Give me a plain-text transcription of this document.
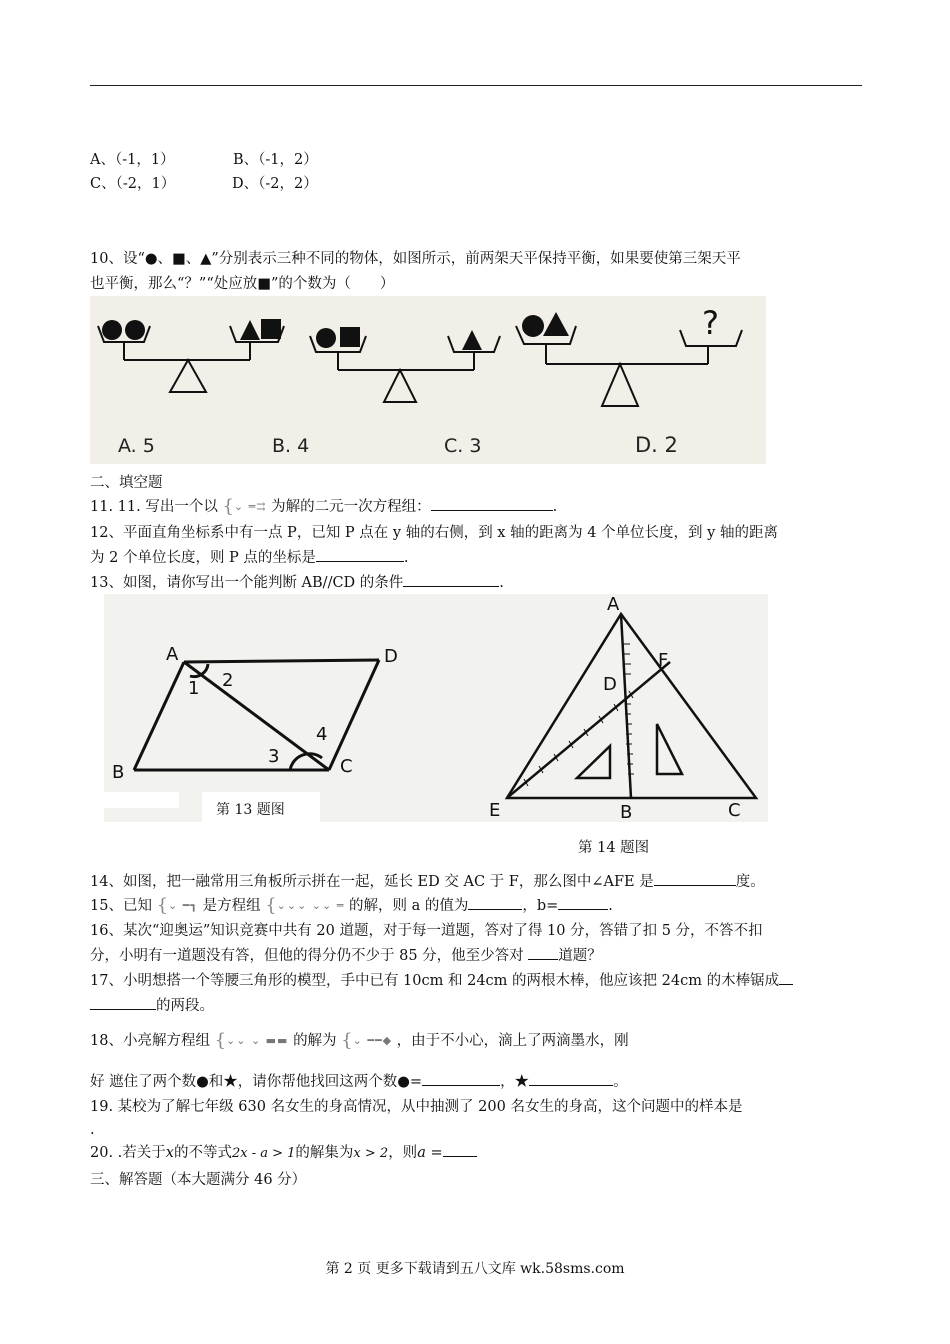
A、（-1，1）	B、（-1，2）
C、（-2，1）	D、（-2，2）
10、设“●、■、▲”分别表示三种不同的物体，如图所示，前两架天平保持平衡，如果要使第三架天平
也平衡，那么“？”“处应放■”的个数为（　　）
?
A. 5	B. 4	C. 3	D. 2
二、填空题
11. 11. 写出一个以 {⌄ ═⇉ 为解的二元一次方程组：	.
12、平面直角坐标系中有一点 P，已知 P 点在 y 轴的右侧，到 x 轴的距离为 4 个单位长度，到 y 轴的距离
为 2 个单位长度，则 P 点的坐标是	.
13、如图，请你写出一个能判断 AB//CD 的条件	.
A
B	C
D
1 2
3
4
第 13 题图
A
F
D
E	B	C
第 14 题图
14、如图，把一融常用三角板所示拼在一起，延长 ED 交 AC 于 F，那么图中∠AFE 是	度。
15、已知 {⌄ ━┓ 是方程组 {⌄⌄⌄ ⌄⌄ ═ 的解，则 a 的值为	，b=	.
16、某次“迎奥运”知识竞赛中共有 20 道题，对于每一道题，答对了得 10 分，答错了扣 5 分，不答不扣
分，小明有一道题没有答，但他的得分仍不少于 85 分，他至少答对 道题？
17、小明想搭一个等腰三角形的模型，手中已有 10cm 和 24cm 的两根木棒，他应该把 24cm 的木棒锯成
的两段。
18、小亮解方程组 {⌄⌄ ⌄ ▬▬ 的解为 {⌄ ━━◆ ，由于不小心，滴上了两滴墨水，刚
好 遮住了两个数●和★，请你帮他找回这两个数●=	，★	。
19. 某校为了解七年级 630 名女生的身高情况，从中抽测了 200 名女生的身高，这个问题中的样本是
.
20. .若关于x的不等式2x - a > 1的解集为x > 2，则a =
三、解答题（本大题满分 46 分）
第 2 页 更多下载请到五八文库 wk.58sms.com
